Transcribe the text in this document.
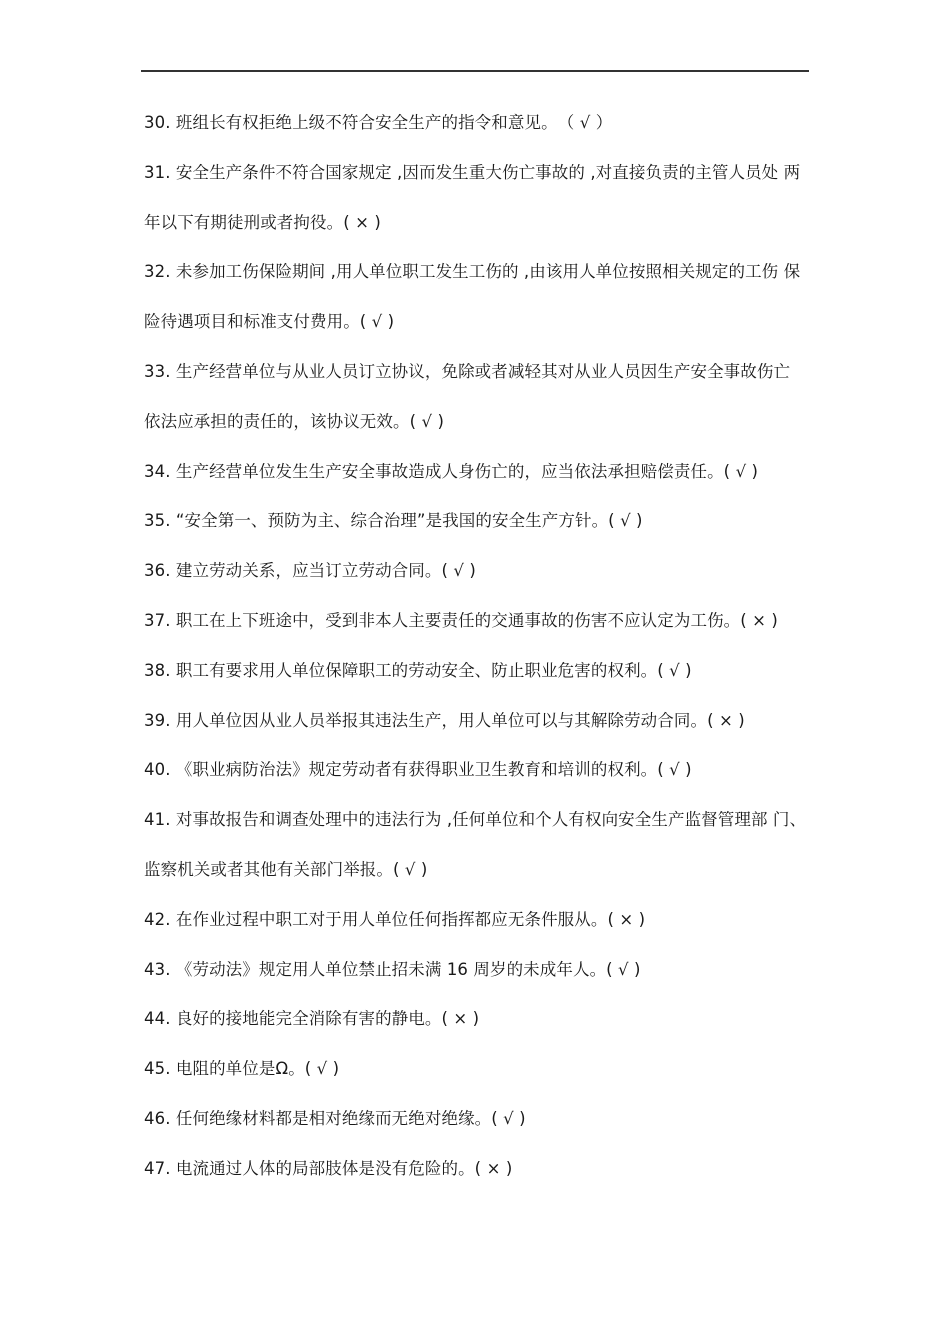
30. 班组长有权拒绝上级不符合安全生产的指令和意见。　（ √ ）
31. 安全生产条件不符合国家规定 ,因而发生重大伤亡事故的 ,对直接负责的主管人员处 两
年以下有期徒刑或者拘役。( × )
32. 未参加工伤保险期间 ,用人单位职工发生工伤的 ,由该用人单位按照相关规定的工伤 保
险待遇项目和标准支付费用。( √ )
33. 生产经营单位与从业人员订立协议，免除或者减轻其对从业人员因生产安全事故伤亡
依法应承担的责任的，该协议无效。( √ )
34. 生产经营单位发生生产安全事故造成人身伤亡的，应当依法承担赔偿责任。( √ )
35. “安全第一、预防为主、综合治理”是我国的安全生产方针。( √ )
36. 建立劳动关系，应当订立劳动合同。( √ )
37. 职工在上下班途中，受到非本人主要责任的交通事故的伤害不应认定为工伤。( × )
38. 职工有要求用人单位保障职工的劳动安全、防止职业危害的权利。( √ )
39. 用人单位因从业人员举报其违法生产，用人单位可以与其解除劳动合同。( × )
40. 《职业病防治法》规定劳动者有获得职业卫生教育和培训的权利。( √ )
41. 对事故报告和调查处理中的违法行为 ,任何单位和个人有权向安全生产监督管理部 门、
监察机关或者其他有关部门举报。( √ )
42. 在作业过程中职工对于用人单位任何指挥都应无条件服从。( × )
43. 《劳动法》规定用人单位禁止招未满 16 周岁的未成年人。( √ )
44. 良好的接地能完全消除有害的静电。( × )
45. 电阻的单位是Ω。( √ )
46. 任何绝缘材料都是相对绝缘而无绝对绝缘。( √ )
47. 电流通过人体的局部肢体是没有危险的。( × )
